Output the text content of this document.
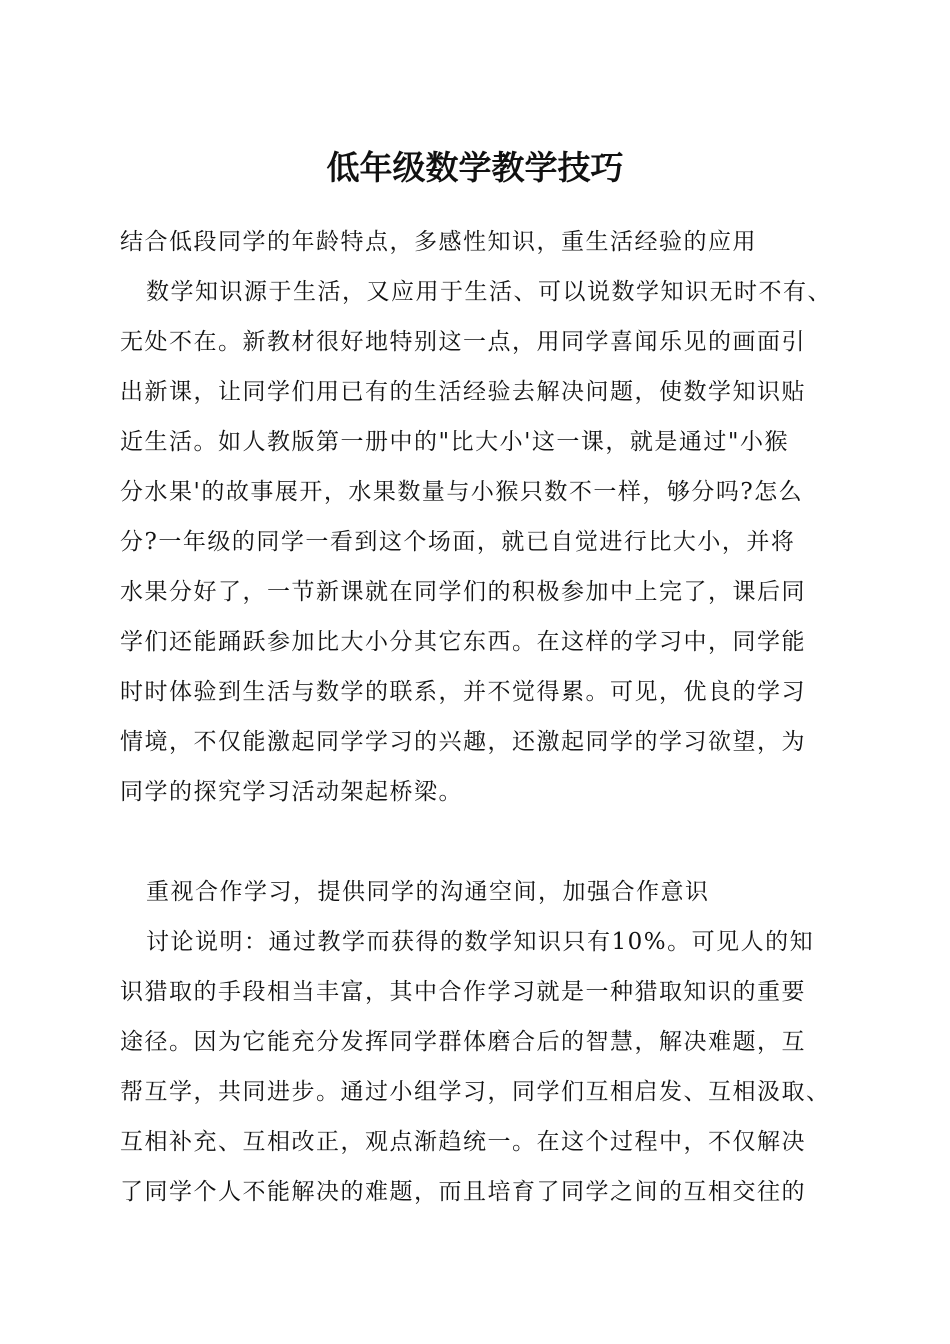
低年级数学教学技巧
结合低段同学的年龄特点，多感性知识，重生活经验的应用
数学知识源于生活，又应用于生活、可以说数学知识无时不有、
无处不在。新教材很好地特别这一点，用同学喜闻乐见的画面引
出新课，让同学们用已有的生活经验去解决问题，使数学知识贴
近生活。如人教版第一册中的"比大小'这一课，就是通过"小猴
分水果'的故事展开，水果数量与小猴只数不一样，够分吗?怎么
分?一年级的同学一看到这个场面，就已自觉进行比大小，并将
水果分好了，一节新课就在同学们的积极参加中上完了，课后同
学们还能踊跃参加比大小分其它东西。在这样的学习中，同学能
时时体验到生活与数学的联系，并不觉得累。可见，优良的学习
情境，不仅能激起同学学习的兴趣，还激起同学的学习欲望，为
同学的探究学习活动架起桥梁。
重视合作学习，提供同学的沟通空间，加强合作意识
讨论说明：通过教学而获得的数学知识只有10%。可见人的知
识猎取的手段相当丰富，其中合作学习就是一种猎取知识的重要
途径。因为它能充分发挥同学群体磨合后的智慧，解决难题，互
帮互学，共同进步。通过小组学习，同学们互相启发、互相汲取、
互相补充、互相改正，观点渐趋统一。在这个过程中，不仅解决
了同学个人不能解决的难题，而且培育了同学之间的互相交往的
